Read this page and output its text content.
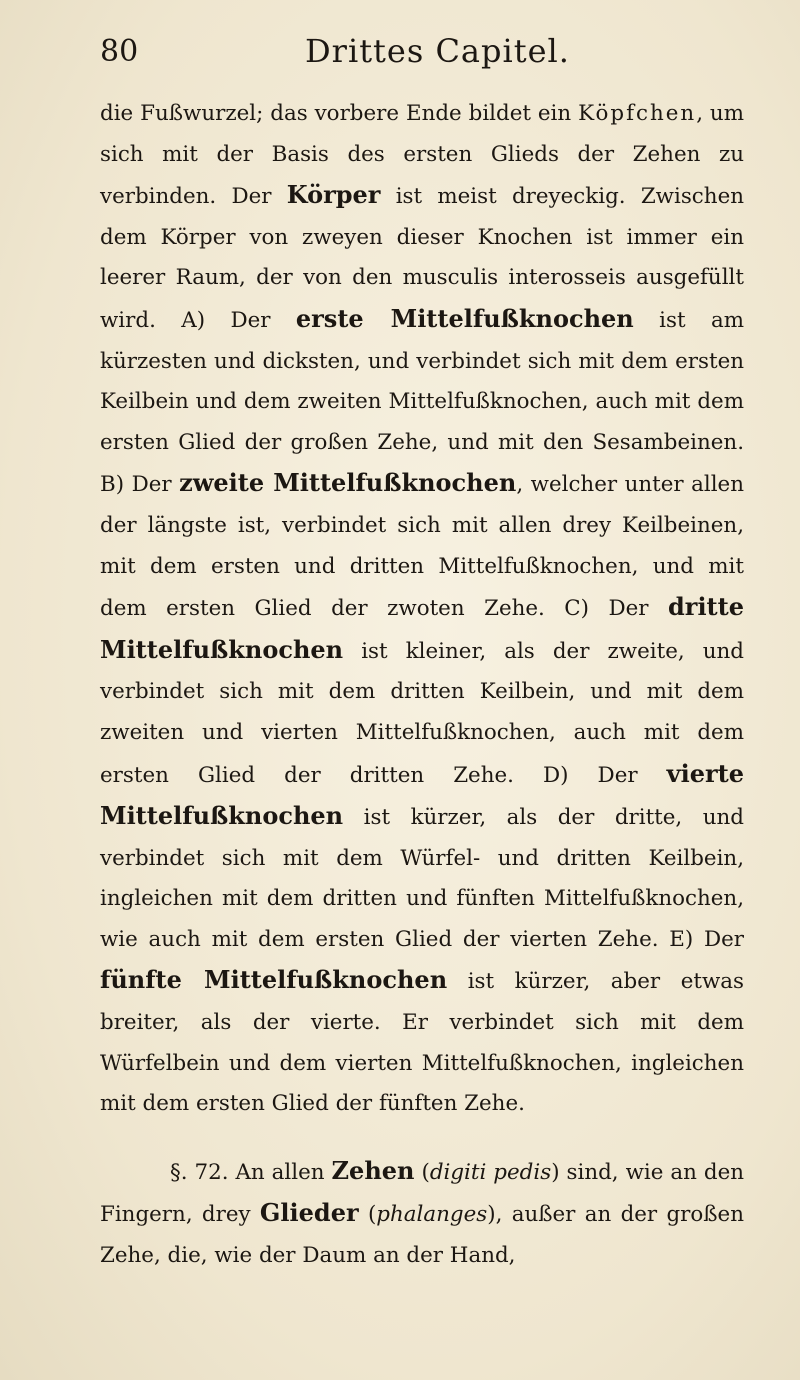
80	Drittes Capitel.

die Fußwurzel; das vorbere Ende bildet ein Köpfchen, um sich mit der Basis des ersten Glieds der Zehen zu verbinden. Der Körper ist meist dreyeckig. Zwischen dem Körper von zweyen dieser Knochen ist immer ein leerer Raum, der von den musculis interosseis ausgefüllt wird. A) Der erste Mittelfußknochen ist am kürzesten und dicksten, und verbindet sich mit dem ersten Keilbein und dem zweiten Mittelfußknochen, auch mit dem ersten Glied der großen Zehe, und mit den Sesambeinen. B) Der zweite Mittelfußknochen, welcher unter allen der längste ist, verbindet sich mit allen drey Keilbeinen, mit dem ersten und dritten Mittelfußknochen, und mit dem ersten Glied der zwoten Zehe. C) Der dritte Mittelfußknochen ist kleiner, als der zweite, und verbindet sich mit dem dritten Keilbein, und mit dem zweiten und vierten Mittelfußknochen, auch mit dem ersten Glied der dritten Zehe. D) Der vierte Mittelfußknochen ist kürzer, als der dritte, und verbindet sich mit dem Würfel- und dritten Keilbein, ingleichen mit dem dritten und fünften Mittelfußknochen, wie auch mit dem ersten Glied der vierten Zehe. E) Der fünfte Mittelfußknochen ist kürzer, aber etwas breiter, als der vierte. Er verbindet sich mit dem Würfelbein und dem vierten Mittelfußknochen, ingleichen mit dem ersten Glied der fünften Zehe.

§. 72. An allen Zehen (digiti pedis) sind, wie an den Fingern, drey Glieder (phalanges), außer an der großen Zehe, die, wie der Daum an der Hand,
